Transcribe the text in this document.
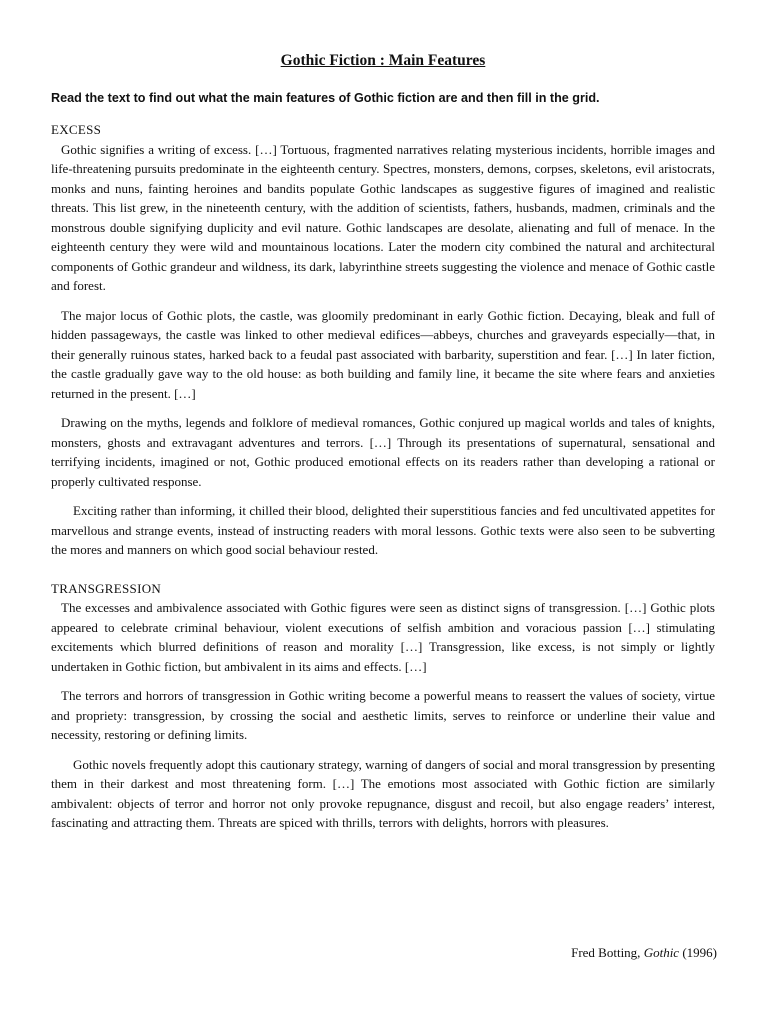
Gothic Fiction : Main Features
Read the text to find out what the main features of Gothic fiction are and then fill in the grid.
EXCESS

Gothic signifies a writing of excess. […] Tortuous, fragmented narratives relating mysterious incidents, horrible images and life-threatening pursuits predominate in the eighteenth century. Spectres, monsters, demons, corpses, skeletons, evil aristocrats, monks and nuns, fainting heroines and bandits populate Gothic landscapes as suggestive figures of imagined and realistic threats. This list grew, in the nineteenth century, with the addition of scientists, fathers, husbands, madmen, criminals and the monstrous double signifying duplicity and evil nature. Gothic landscapes are desolate, alienating and full of menace. In the eighteenth century they were wild and mountainous locations. Later the modern city combined the natural and architectural components of Gothic grandeur and wildness, its dark, labyrinthine streets suggesting the violence and menace of Gothic castle and forest.

The major locus of Gothic plots, the castle, was gloomily predominant in early Gothic fiction. Decaying, bleak and full of hidden passageways, the castle was linked to other medieval edifices—abbeys, churches and graveyards especially—that, in their generally ruinous states, harked back to a feudal past associated with barbarity, superstition and fear. […] In later fiction, the castle gradually gave way to the old house: as both building and family line, it became the site where fears and anxieties returned in the present. […]

Drawing on the myths, legends and folklore of medieval romances, Gothic conjured up magical worlds and tales of knights, monsters, ghosts and extravagant adventures and terrors. […] Through its presentations of supernatural, sensational and terrifying incidents, imagined or not, Gothic produced emotional effects on its readers rather than developing a rational or properly cultivated response.

Exciting rather than informing, it chilled their blood, delighted their superstitious fancies and fed uncultivated appetites for marvellous and strange events, instead of instructing readers with moral lessons. Gothic texts were also seen to be subverting the mores and manners on which good social behaviour rested.

TRANSGRESSION

The excesses and ambivalence associated with Gothic figures were seen as distinct signs of transgression. […] Gothic plots appeared to celebrate criminal behaviour, violent executions of selfish ambition and voracious passion […] stimulating excitements which blurred definitions of reason and morality […] Transgression, like excess, is not simply or lightly undertaken in Gothic fiction, but ambivalent in its aims and effects. […]

The terrors and horrors of transgression in Gothic writing become a powerful means to reassert the values of society, virtue and propriety: transgression, by crossing the social and aesthetic limits, serves to reinforce or underline their value and necessity, restoring or defining limits.

Gothic novels frequently adopt this cautionary strategy, warning of dangers of social and moral transgression by presenting them in their darkest and most threatening form. […] The emotions most associated with Gothic fiction are similarly ambivalent: objects of terror and horror not only provoke repugnance, disgust and recoil, but also engage readers’ interest, fascinating and attracting them. Threats are spiced with thrills, terrors with delights, horrors with pleasures.

Fred Botting, Gothic (1996)
